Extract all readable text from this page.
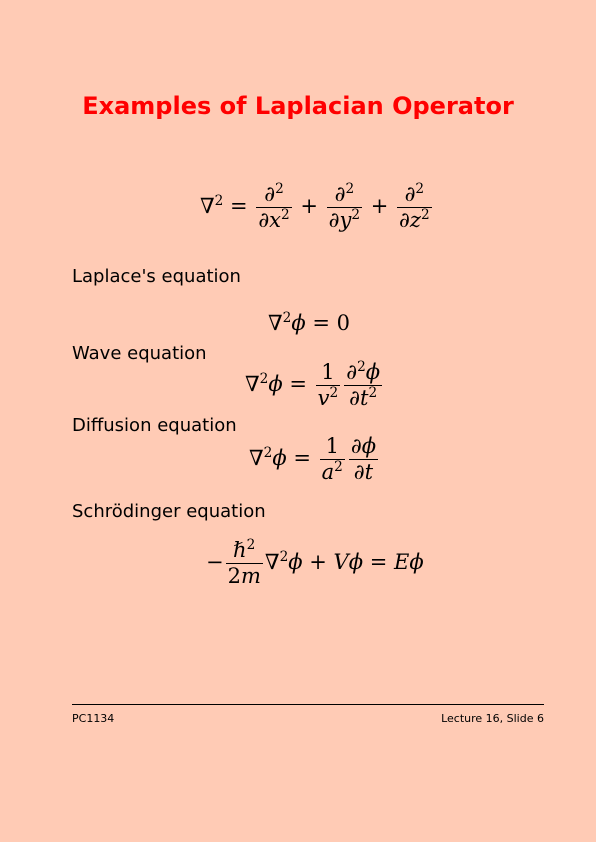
Examples of Laplacian Operator
$\nabla^2 = \frac{\partial^2}{\partial x^2} + \frac{\partial^2}{\partial y^2} + \frac{\partial^2}{\partial z^2}$
Laplace's equation
∇$^2$ϕ = 0
Wave equation
$\nabla^2\phi = \frac{1}{v^2} \frac{\partial^2\phi}{\partial t^2}$
Diffusion equation
$\nabla^2\phi = \frac{1}{a^2} \frac{\partial\phi}{\partial t}$
Schrödinger equation
− $\frac{\hbar^2}{2m} \nabla^2\phi + V\phi = E\phi$
PC1134	Lecture 16, Slide 6
